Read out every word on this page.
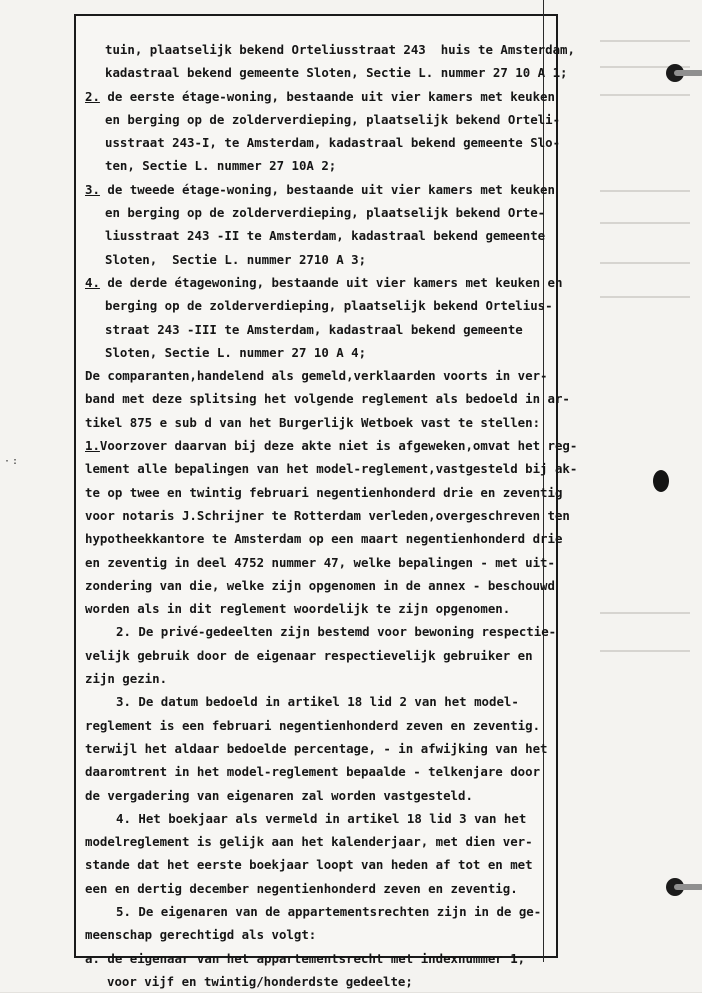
·:
tuin, plaatselijk bekend Orteliusstraat 243  huis te Amsterdam,
kadastraal bekend gemeente Sloten, Sectie L. nummer 27 10 A 1;
2. de eerste étage-woning, bestaande uit vier kamers met keuken
en berging op de zolderverdieping, plaatselijk bekend Orteli-
usstraat 243-I, te Amsterdam, kadastraal bekend gemeente Slo-
ten, Sectie L. nummer 27 10A 2;
3. de tweede étage-woning, bestaande uit vier kamers met keuken
en berging op de zolderverdieping, plaatselijk bekend Orte-
liusstraat 243 -II te Amsterdam, kadastraal bekend gemeente
Sloten,  Sectie L. nummer 2710 A 3;
4. de derde étagewoning, bestaande uit vier kamers met keuken en
berging op de zolderverdieping, plaatselijk bekend Ortelius-
straat 243 -III te Amsterdam, kadastraal bekend gemeente
Sloten, Sectie L. nummer 27 10 A 4;
De comparanten,handelend als gemeld,verklaarden voorts in ver-
band met deze splitsing het volgende reglement als bedoeld in ar-
tikel 875 e sub d van het Burgerlijk Wetboek vast te stellen:
1.Voorzover daarvan bij deze akte niet is afgeweken,omvat het reg-
lement alle bepalingen van het model-reglement,vastgesteld bij ak-
te op twee en twintig februari negentienhonderd drie en zeventig
voor notaris J.Schrijner te Rotterdam verleden,overgeschreven ten
hypotheekkantore te Amsterdam op een maart negentienhonderd drie
en zeventig in deel 4752 nummer 47, welke bepalingen - met uit-
zondering van die, welke zijn opgenomen in de annex - beschouwd
worden als in dit reglement woordelijk te zijn opgenomen.
2. De privé-gedeelten zijn bestemd voor bewoning respectie-
velijk gebruik door de eigenaar respectievelijk gebruiker en
zijn gezin.
3. De datum bedoeld in artikel 18 lid 2 van het model-
reglement is een februari negentienhonderd zeven en zeventig.
terwijl het aldaar bedoelde percentage, - in afwijking van het
daaromtrent in het model-reglement bepaalde - telkenjare door
de vergadering van eigenaren zal worden vastgesteld.
4. Het boekjaar als vermeld in artikel 18 lid 3 van het
modelreglement is gelijk aan het kalenderjaar, met dien ver-
stande dat het eerste boekjaar loopt van heden af tot en met
een en dertig december negentienhonderd zeven en zeventig.
5. De eigenaren van de appartementsrechten zijn in de ge-
meenschap gerechtigd als volgt:
a. de eigenaar van het appartementsrecht met indexnummer 1,
voor vijf en twintig/honderdste gedeelte;
